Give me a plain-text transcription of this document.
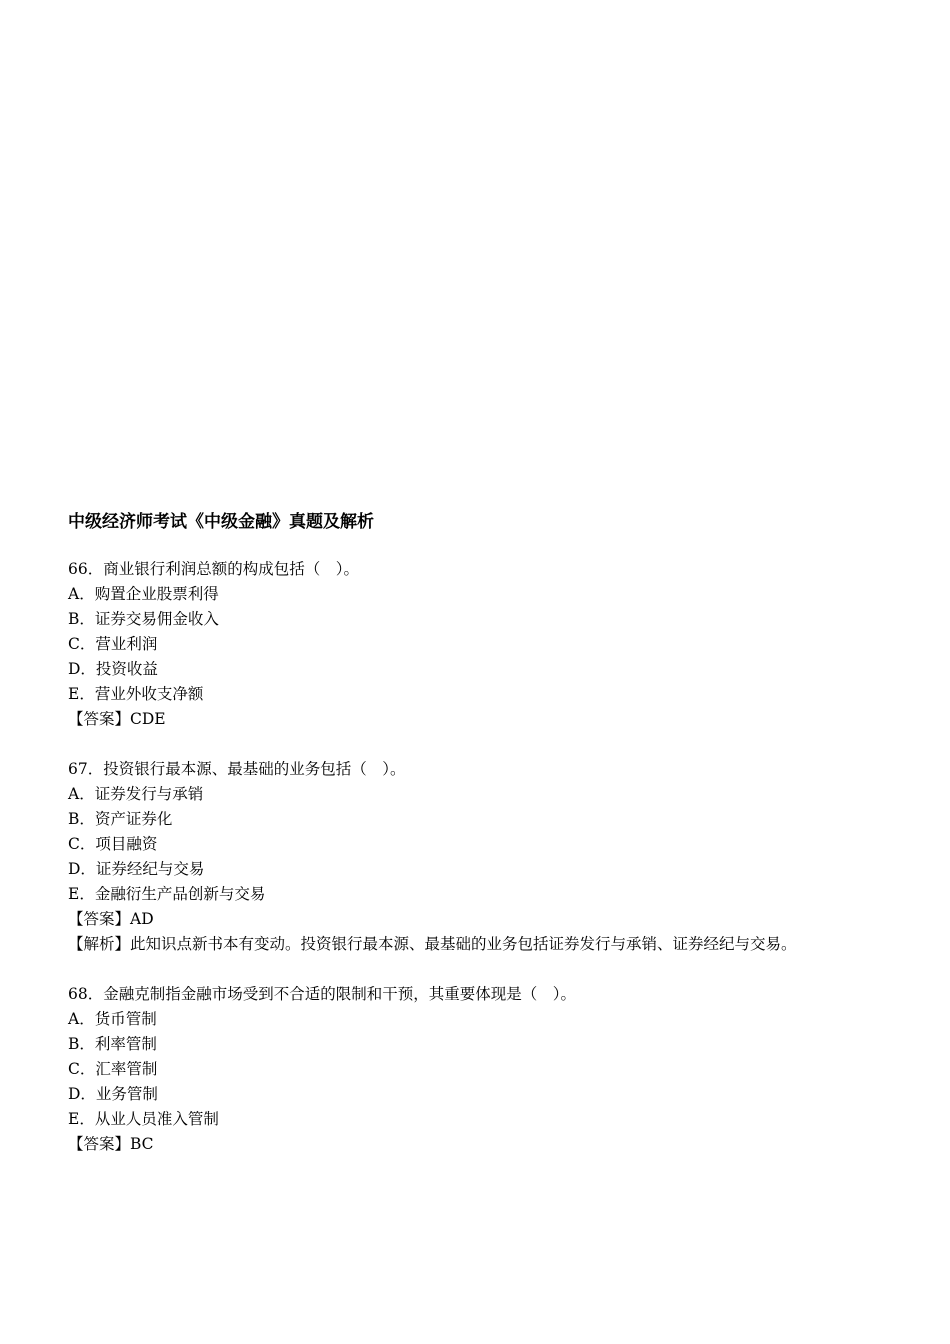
中级经济师考试《中级金融》真题及解析
66．商业银行利润总额的构成包括（　）。
A．购置企业股票利得
B．证券交易佣金收入
C．营业利润
D．投资收益
E．营业外收支净额
【答案】CDE
67．投资银行最本源、最基础的业务包括（　）。
A．证券发行与承销
B．资产证券化
C．项目融资
D．证券经纪与交易
E．金融衍生产品创新与交易
【答案】AD
【解析】此知识点新书本有变动。投资银行最本源、最基础的业务包括证券发行与承销、证券经纪与交易。
68．金融克制指金融市场受到不合适的限制和干预，其重要体现是（　）。
A．货币管制
B．利率管制
C．汇率管制
D．业务管制
E．从业人员准入管制
【答案】BC
